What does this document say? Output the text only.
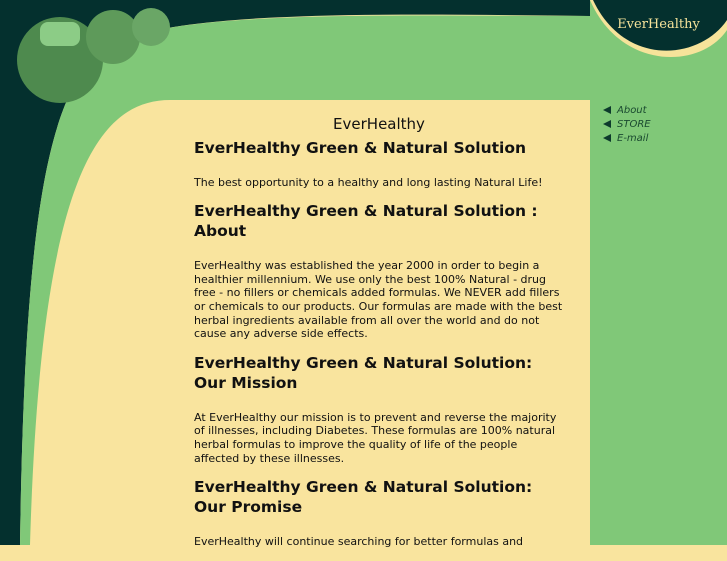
EverHealthy
About
STORE
E-mail
EverHealthy
EverHealthy Green & Natural Solution

The best opportunity to a healthy and long lasting Natural Life!

EverHealthy Green & Natural Solution : About

EverHealthy was established the year 2000 in order to begin a healthier millennium. We use only the best 100% Natural - drug free - no fillers or chemicals added formulas. We NEVER add fillers or chemicals to our products. Our formulas are made with the best herbal ingredients available from all over the world and do not cause any adverse side effects.

EverHealthy Green & Natural Solution: Our Mission

At EverHealthy our mission is to prevent and reverse the majority of illnesses, including Diabetes. These formulas are 100% natural herbal formulas to improve the quality of life of the people affected by these illnesses.

EverHealthy Green & Natural Solution: Our Promise

EverHealthy will continue searching for better formulas and
